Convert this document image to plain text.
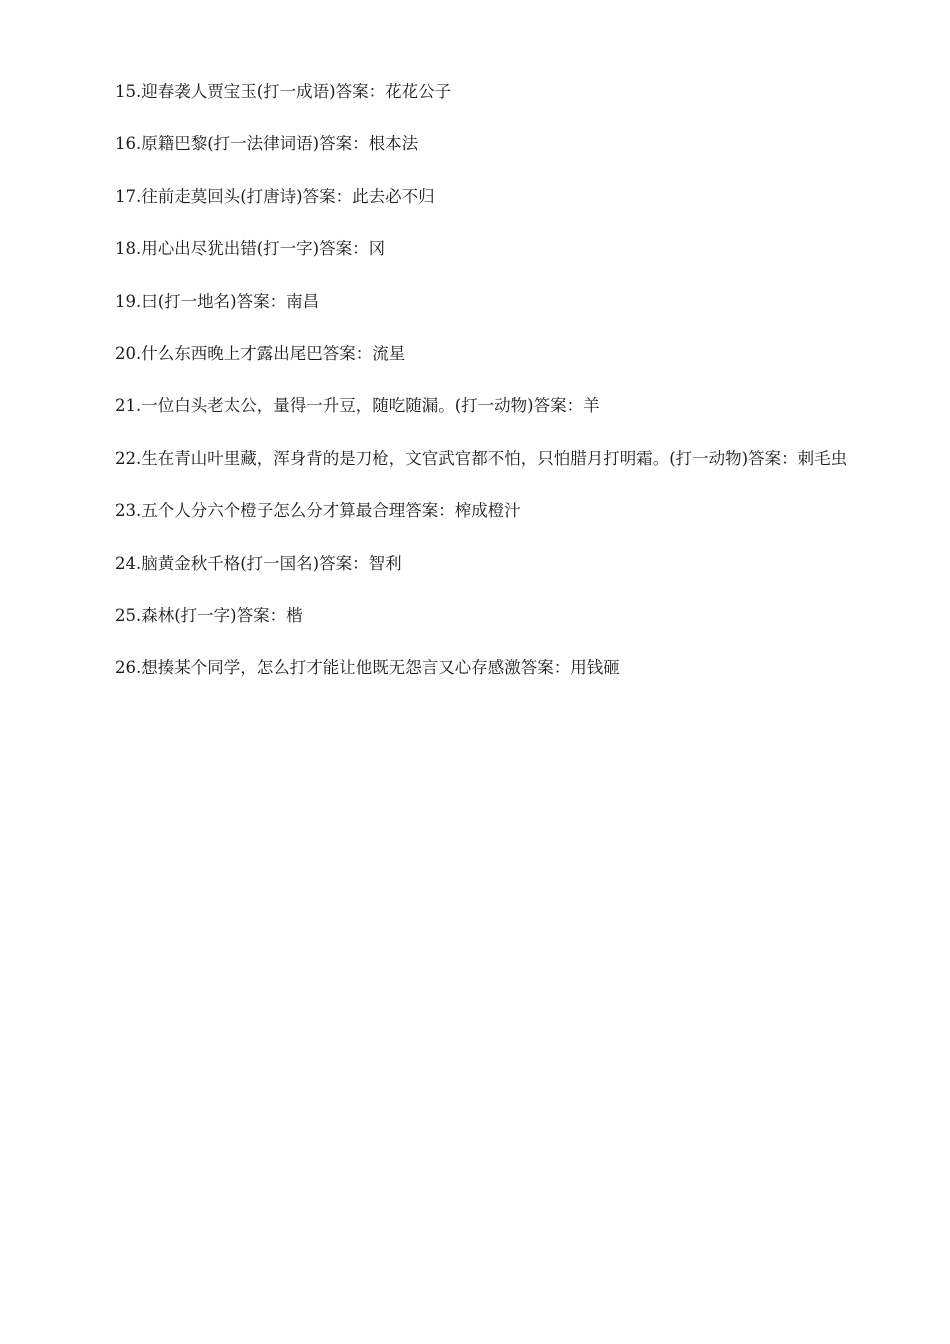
15.迎春袭人贾宝玉(打一成语)答案：花花公子
16.原籍巴黎(打一法律词语)答案：根本法
17.往前走莫回头(打唐诗)答案：此去必不归
18.用心出尽犹出错(打一字)答案：冈
19.曰(打一地名)答案：南昌
20.什么东西晚上才露出尾巴答案：流星
21.一位白头老太公，量得一升豆，随吃随漏。(打一动物)答案：羊
22.生在青山叶里藏，浑身背的是刀枪，文官武官都不怕，只怕腊月打明霜。(打一动物)答案：刺毛虫
23.五个人分六个橙子怎么分才算最合理答案：榨成橙汁
24.脑黄金秋千格(打一国名)答案：智利
25.森林(打一字)答案：楷
26.想揍某个同学，怎么打才能让他既无怨言又心存感激答案：用钱砸
